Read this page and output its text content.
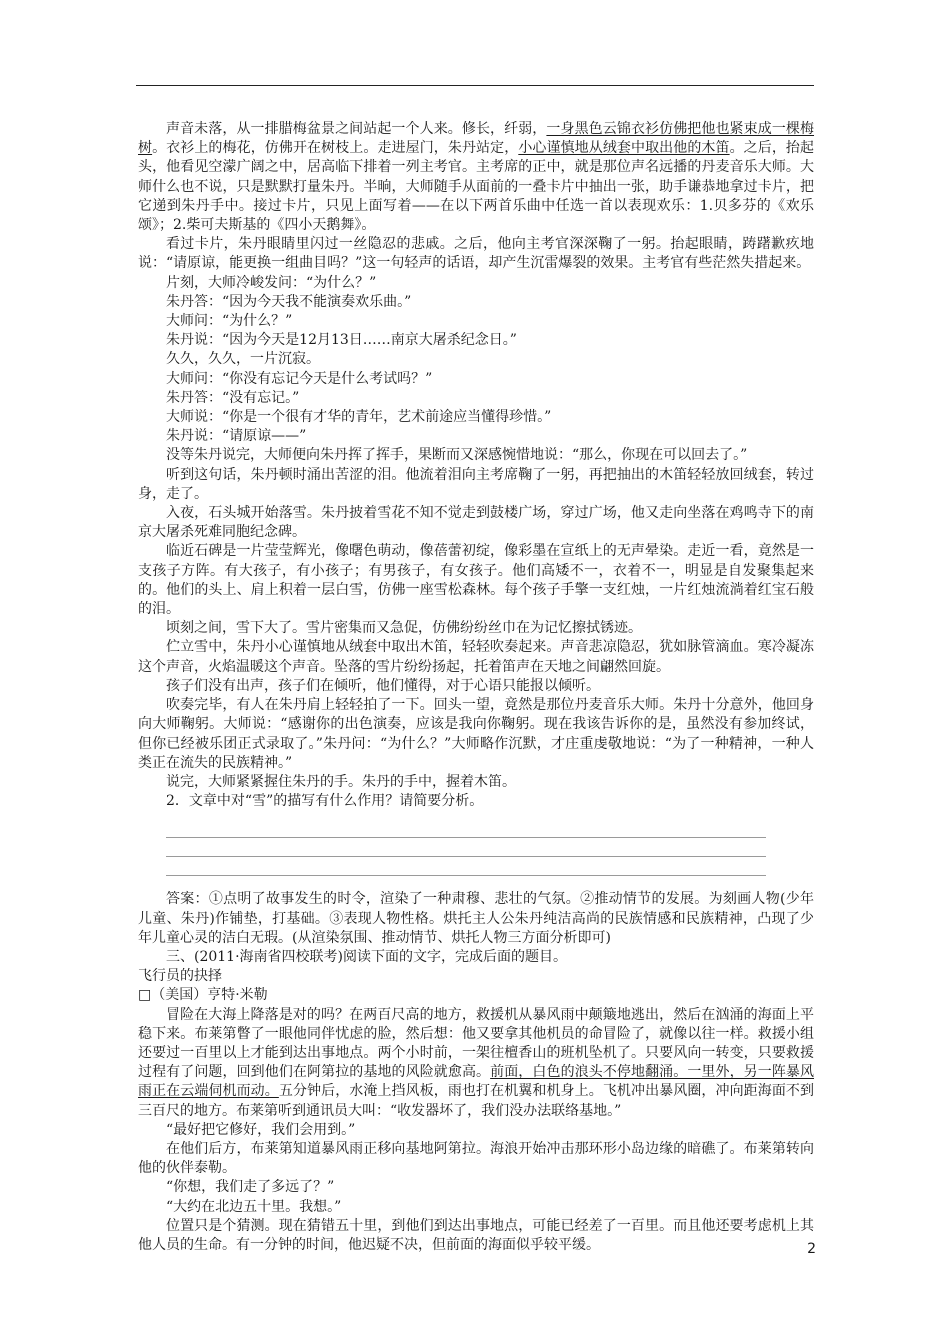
声音未落，从一排腊梅盆景之间站起一个人来。修长，纤弱，一身黑色云锦衣衫仿佛把他也紧束成一棵梅树。衣衫上的梅花，仿佛开在树枝上。走进屋门，朱丹站定，小心谨慎地从绒套中取出他的木笛。之后，抬起头，他看见空濛广阔之中，居高临下排着一列主考官。主考席的正中，就是那位声名远播的丹麦音乐大师。大师什么也不说，只是默默打量朱丹。半晌，大师随手从面前的一叠卡片中抽出一张，助手谦恭地拿过卡片，把它递到朱丹手中。接过卡片，只见上面写着——在以下两首乐曲中任选一首以表现欢乐：1.贝多芬的《欢乐颂》；2.柴可夫斯基的《四小天鹅舞》。

看过卡片，朱丹眼睛里闪过一丝隐忍的悲戚。之后，他向主考官深深鞠了一躬。抬起眼睛，踌躇歉疚地说：“请原谅，能更换一组曲目吗？”这一句轻声的话语，却产生沉雷爆裂的效果。主考官有些茫然失措起来。

片刻，大师冷峻发问：“为什么？”

朱丹答：“因为今天我不能演奏欢乐曲。”

大师问：“为什么？”

朱丹说：“因为今天是12月13日……南京大屠杀纪念日。”

久久，久久，一片沉寂。

大师问：“你没有忘记今天是什么考试吗？”

朱丹答：“没有忘记。”

大师说：“你是一个很有才华的青年，艺术前途应当懂得珍惜。”

朱丹说：“请原谅——”

没等朱丹说完，大师便向朱丹挥了挥手，果断而又深感惋惜地说：“那么，你现在可以回去了。”

听到这句话，朱丹顿时涌出苦涩的泪。他流着泪向主考席鞠了一躬，再把抽出的木笛轻轻放回绒套，转过身，走了。

入夜，石头城开始落雪。朱丹披着雪花不知不觉走到鼓楼广场，穿过广场，他又走向坐落在鸡鸣寺下的南京大屠杀死难同胞纪念碑。

临近石碑是一片莹莹辉光，像曙色萌动，像蓓蕾初绽，像彩墨在宣纸上的无声晕染。走近一看，竟然是一支孩子方阵。有大孩子，有小孩子；有男孩子，有女孩子。他们高矮不一，衣着不一，明显是自发聚集起来的。他们的头上、肩上积着一层白雪，仿佛一座雪松森林。每个孩子手擎一支红烛，一片红烛流淌着红宝石般的泪。

顷刻之间，雪下大了。雪片密集而又急促，仿佛纷纷丝巾在为记忆擦拭锈迹。

伫立雪中，朱丹小心谨慎地从绒套中取出木笛，轻轻吹奏起来。声音悲凉隐忍，犹如脉管滴血。寒冷凝冻这个声音，火焰温暖这个声音。坠落的雪片纷纷扬起，托着笛声在天地之间翩然回旋。

孩子们没有出声，孩子们在倾听，他们懂得，对于心语只能报以倾听。

吹奏完毕，有人在朱丹肩上轻轻拍了一下。回头一望，竟然是那位丹麦音乐大师。朱丹十分意外，他回身向大师鞠躬。大师说：“感谢你的出色演奏，应该是我向你鞠躬。现在我该告诉你的是，虽然没有参加终试，但你已经被乐团正式录取了。”朱丹问：“为什么？”大师略作沉默，才庄重虔敬地说：“为了一种精神，一种人类正在流失的民族精神。”

说完，大师紧紧握住朱丹的手。朱丹的手中，握着木笛。

2．文章中对“雪”的描写有什么作用？请简要分析。

答案：①点明了故事发生的时令，渲染了一种肃穆、悲壮的气氛。②推动情节的发展。为刻画人物(少年儿童、朱丹)作铺垫，打基础。③表现人物性格。烘托主人公朱丹纯洁高尚的民族情感和民族精神，凸现了少年儿童心灵的洁白无瑕。(从渲染氛围、推动情节、烘托人物三方面分析即可)

三、(2011·海南省四校联考)阅读下面的文字，完成后面的题目。

飞行员的抉择

□（美国）亨特·米勒

冒险在大海上降落是对的吗？在两百尺高的地方，救援机从暴风雨中颠簸地逃出，然后在汹涌的海面上平稳下来。布莱第瞥了一眼他同伴忧虑的脸，然后想：他又要拿其他机员的命冒险了，就像以往一样。救援小组还要过一百里以上才能到达出事地点。两个小时前，一架往檀香山的班机坠机了。只要风向一转变，只要救援过程有了问题，回到他们在阿第拉的基地的风险就愈高。前面，白色的浪头不停地翻涌。一里外，另一阵暴风雨正在云端伺机而动。五分钟后，水淹上挡风板，雨也打在机翼和机身上。飞机冲出暴风圈，冲向距海面不到三百尺的地方。布莱第听到通讯员大叫：“收发器坏了，我们没办法联络基地。”

“最好把它修好，我们会用到。”

在他们后方，布莱第知道暴风雨正移向基地阿第拉。海浪开始冲击那环形小岛边缘的暗礁了。布莱第转向他的伙伴泰勒。

“你想，我们走了多远了？”

“大约在北边五十里。我想。”

位置只是个猜测。现在猜错五十里，到他们到达出事地点，可能已经差了一百里。而且他还要考虑机上其他人员的生命。有一分钟的时间，他迟疑不决，但前面的海面似乎较平缓。	2
